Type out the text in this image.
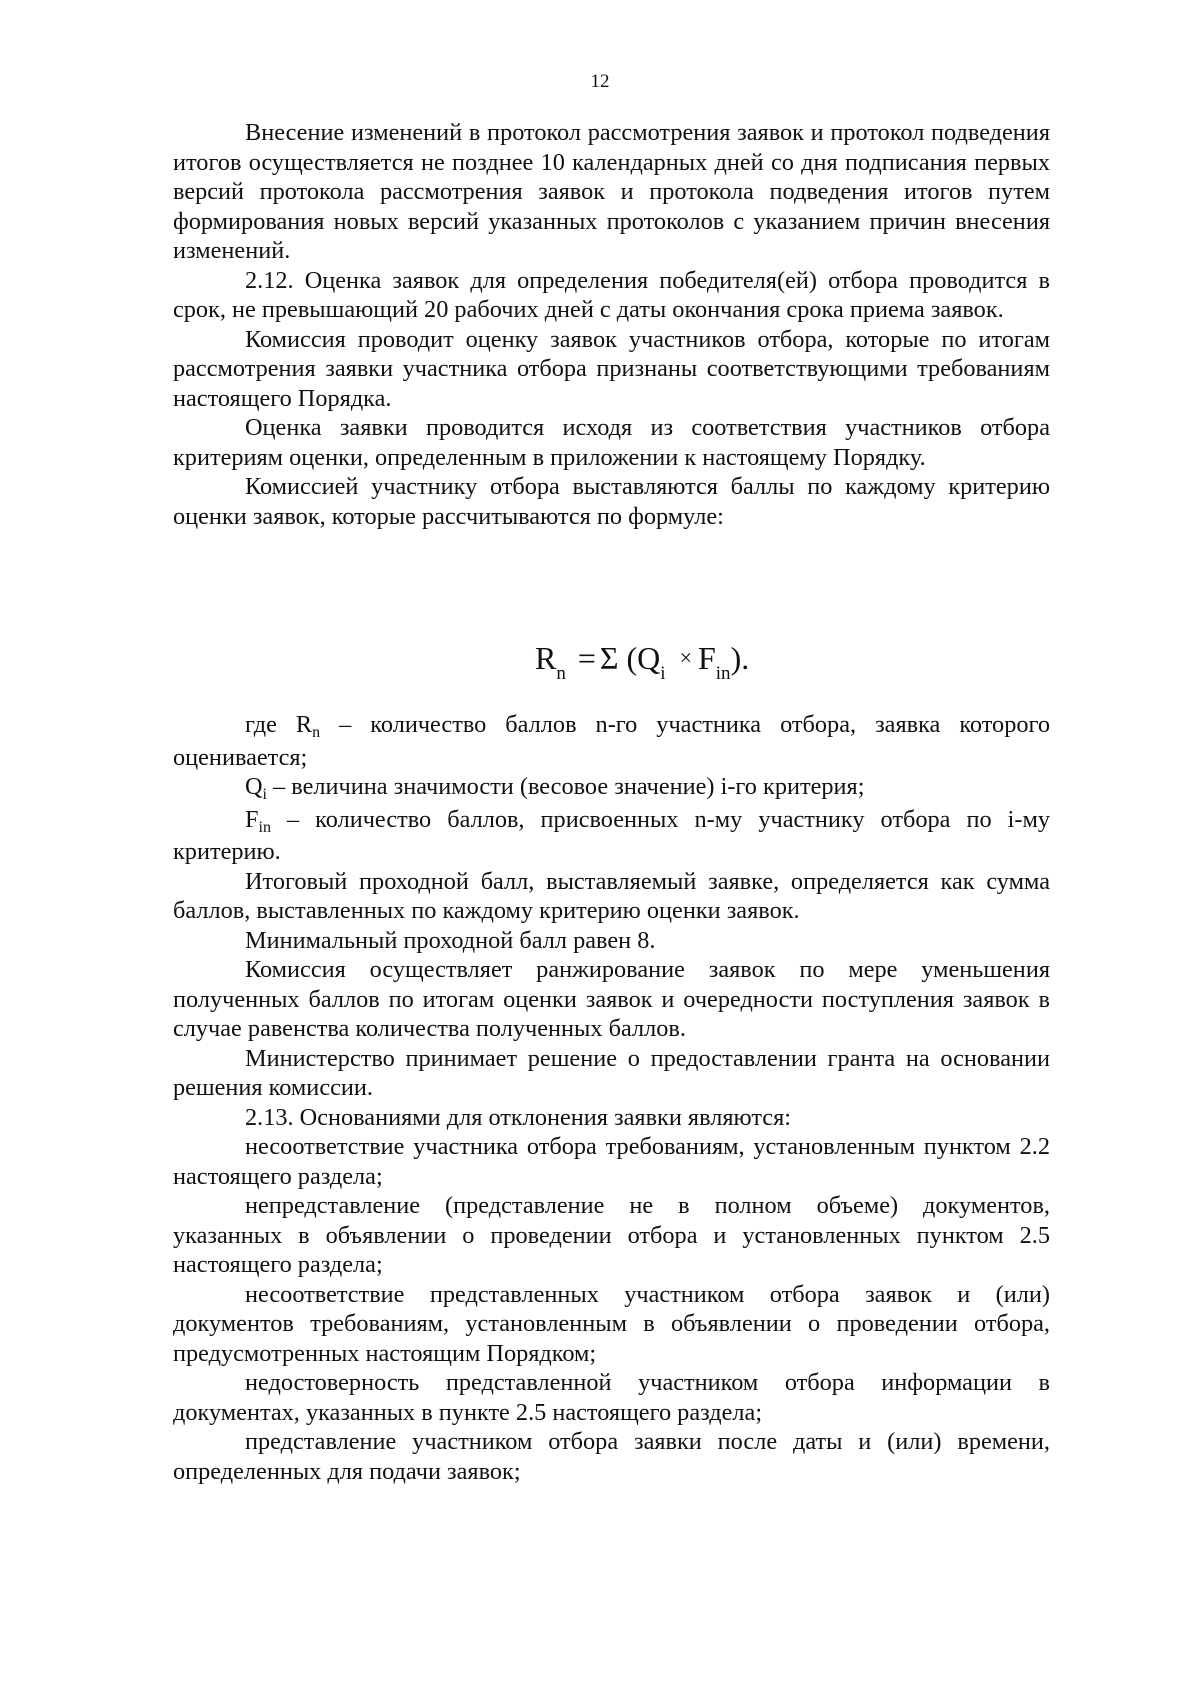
12

Внесение изменений в протокол рассмотрения заявок и протокол подведения итогов осуществляется не позднее 10 календарных дней со дня подписания первых версий протокола рассмотрения заявок и протокола подведения итогов путем формирования новых версий указанных протоколов с указанием причин внесения изменений.

2.12. Оценка заявок для определения победителя(ей) отбора проводится в срок, не превышающий 20 рабочих дней с даты окончания срока приема заявок.

Комиссия проводит оценку заявок участников отбора, которые по итогам рассмотрения заявки участника отбора признаны соответствующими требованиям настоящего Порядка.

Оценка заявки проводится исходя из соответствия участников отбора критериям оценки, определенным в приложении к настоящему Порядку.

Комиссией участнику отбора выставляются баллы по каждому критерию оценки заявок, которые рассчитываются по формуле:

$R_n = \Sigma$ $(Q_i \times F_{in})$.

где $R_n$ – количество баллов n-го участника отбора, заявка которого оценивается;

$Q_i$ – величина значимости (весовое значение) i-го критерия;

$F_{in}$ – количество баллов, присвоенных n-му участнику отбора по i-му критерию.

Итоговый проходной балл, выставляемый заявке, определяется как сумма баллов, выставленных по каждому критерию оценки заявок.

Минимальный проходной балл равен 8.

Комиссия осуществляет ранжирование заявок по мере уменьшения полученных баллов по итогам оценки заявок и очередности поступления заявок в случае равенства количества полученных баллов.

Министерство принимает решение о предоставлении гранта на основании решения комиссии.

2.13. Основаниями для отклонения заявки являются:

несоответствие участника отбора требованиям, установленным пунктом 2.2 настоящего раздела;

непредставление (представление не в полном объеме) документов, указанных в объявлении о проведении отбора и установленных пунктом 2.5 настоящего раздела;

несоответствие представленных участником отбора заявок и (или) документов требованиям, установленным в объявлении о проведении отбора, предусмотренных настоящим Порядком;

недостоверность представленной участником отбора информации в документах, указанных в пункте 2.5 настоящего раздела;

представление участником отбора заявки после даты и (или) времени, определенных для подачи заявок;
